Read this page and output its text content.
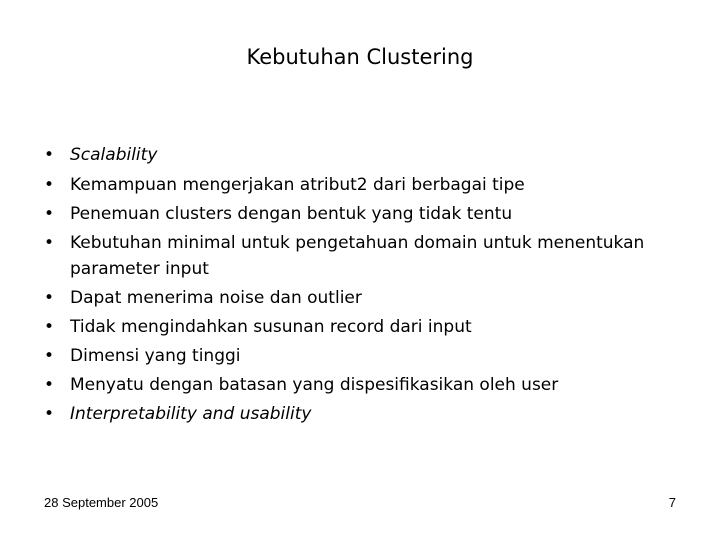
Kebutuhan Clustering
• Scalability
• Kemampuan mengerjakan atribut2 dari berbagai tipe
• Penemuan clusters dengan bentuk yang tidak tentu
• Kebutuhan minimal untuk pengetahuan domain untuk menentukan parameter input
• Dapat menerima noise dan outlier
• Tidak mengindahkan susunan record dari input
• Dimensi yang tinggi
• Menyatu dengan batasan yang dispesifikasikan oleh user
• Interpretability and usability
28 September 2005	7
